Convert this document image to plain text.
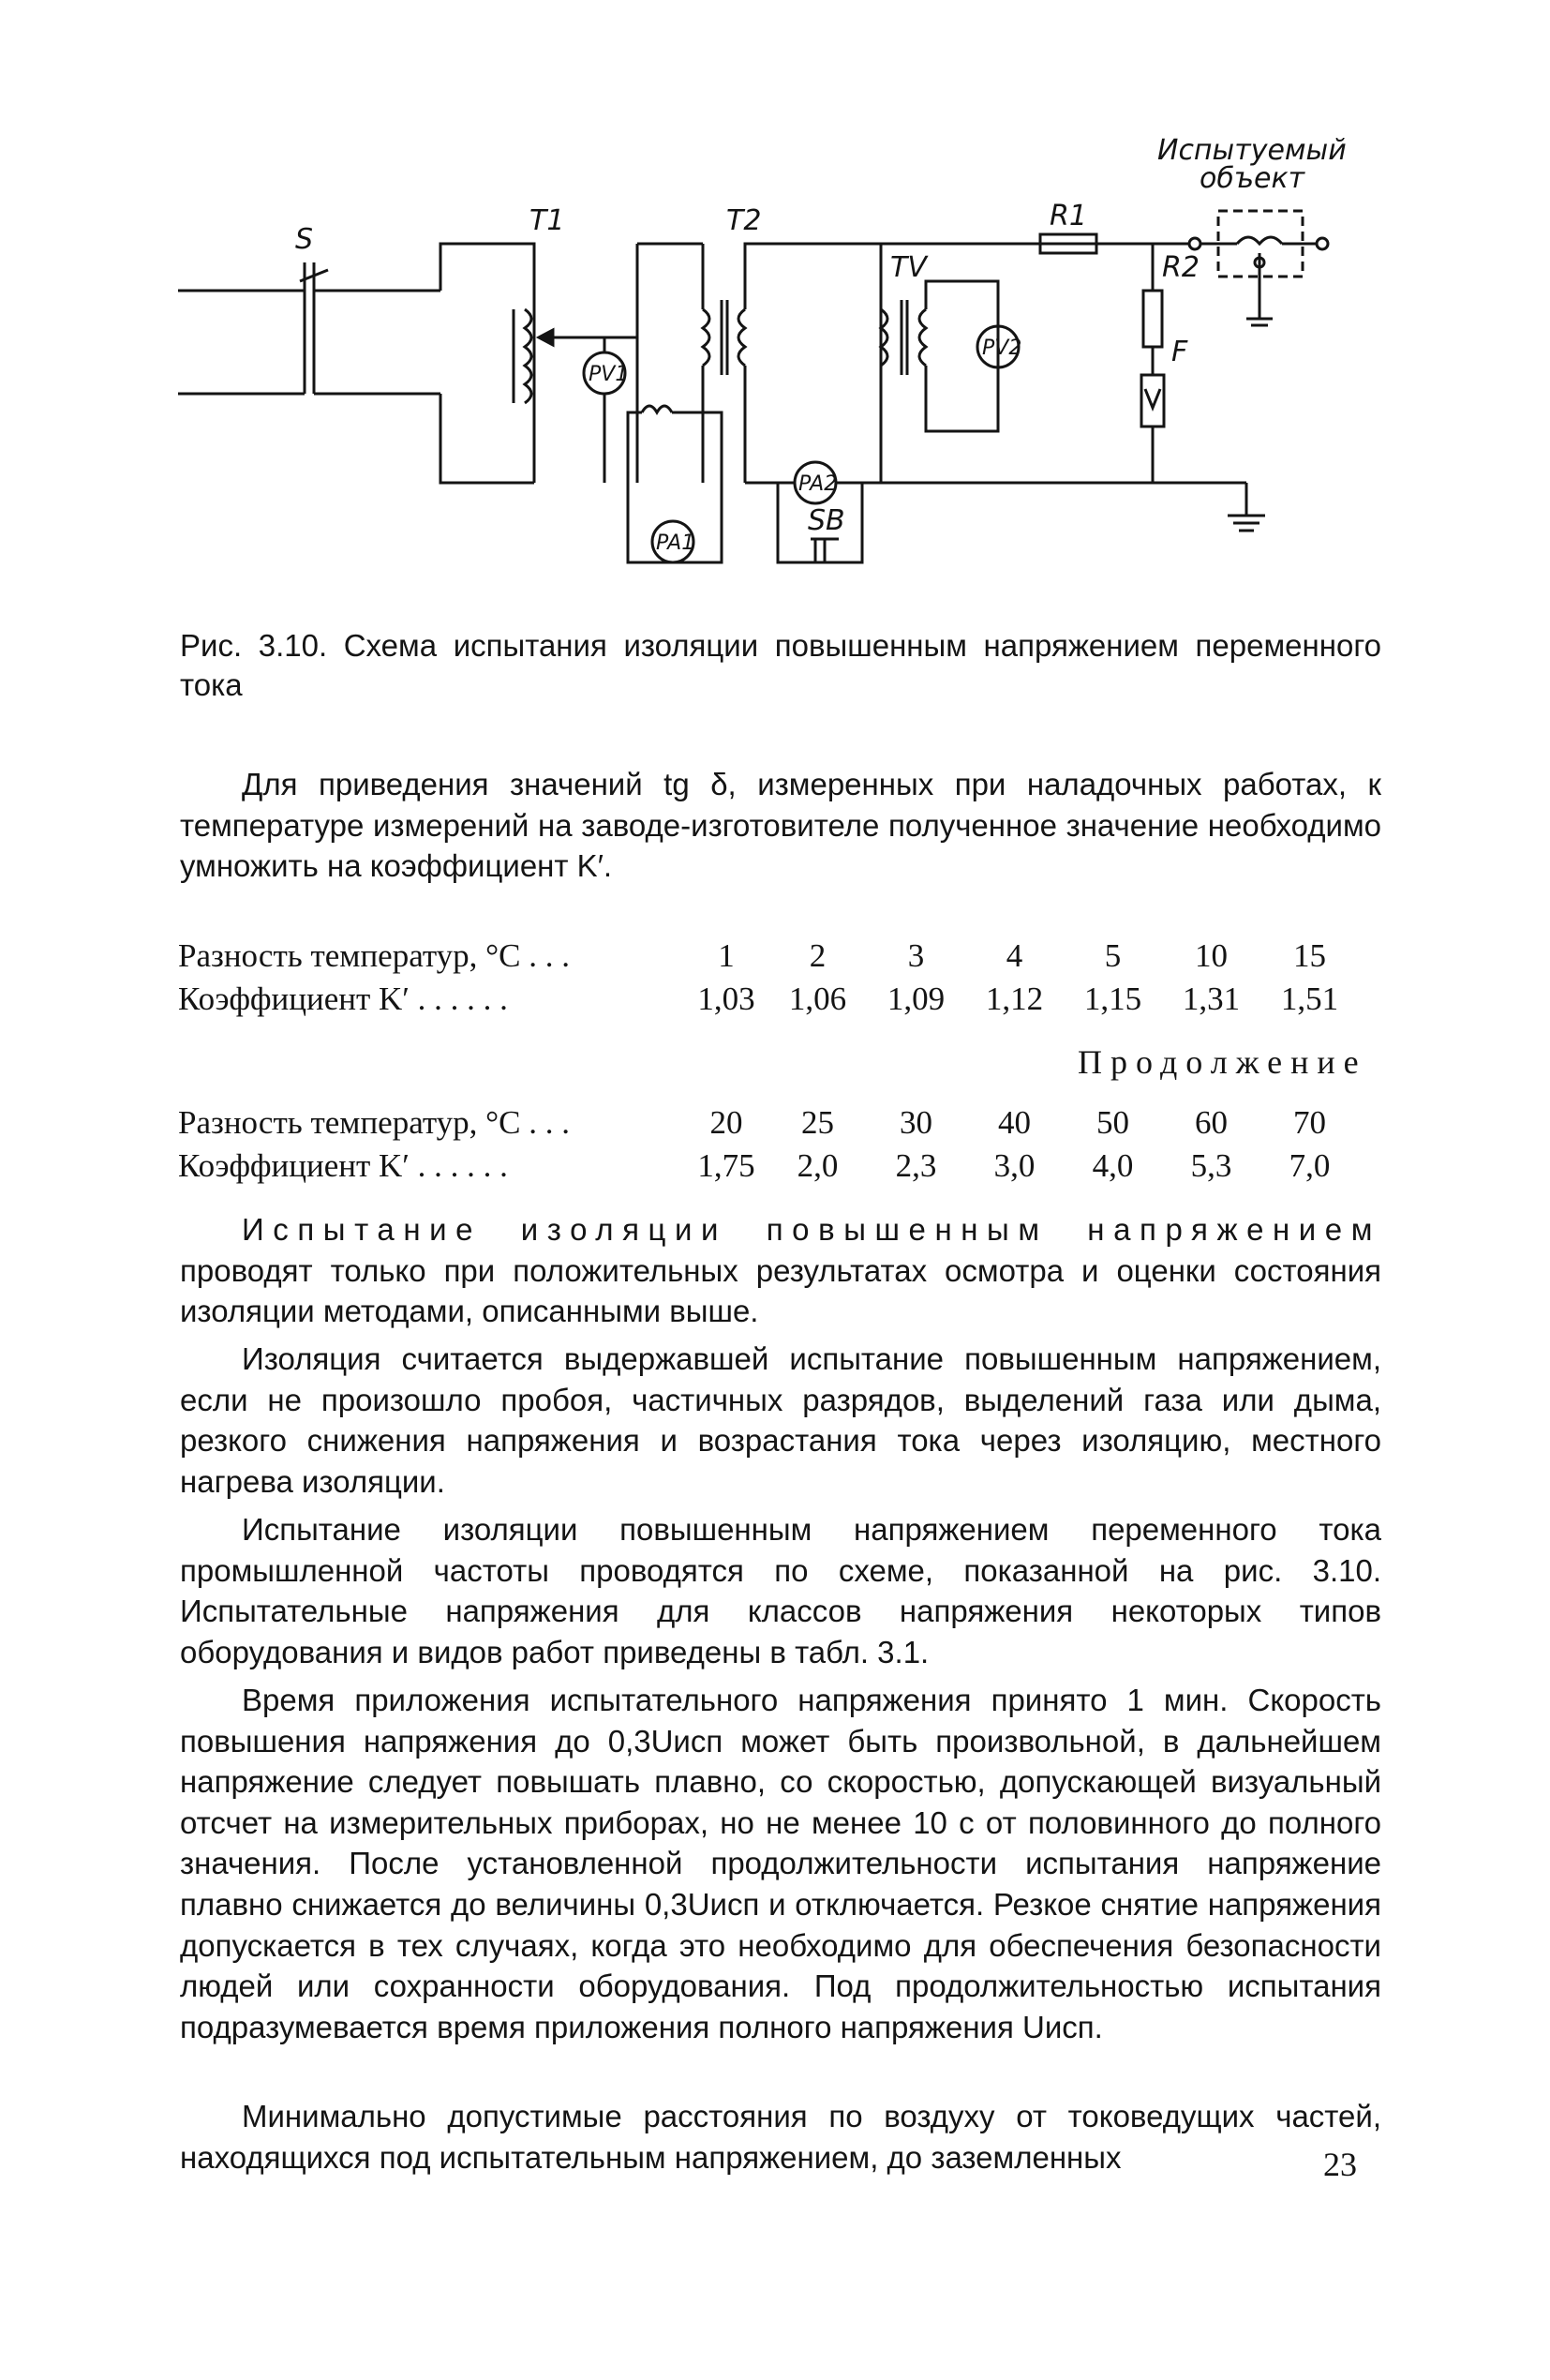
Испытуемый
объект
S
T1	T2
TV
R1
R2
F
PV1
PV2
PA1
PA2
SB
Рис. 3.10. Схема испытания изоляции повышенным напряжением переменного тока

Для приведения значений tg δ, измеренных при наладочных работах, к температуре измерений на заводе-изготовителе полученное значение необходимо умножить на коэффициент K′.

Разность температур, °С . . .	1	2	3	4	5	10	15
Коэффициент K′ . . . . . .	1,03	1,06	1,09	1,12	1,15	1,31	1,51
Продолжение
Разность температур, °С . . .	20	25	30	40	50	60	70
Коэффициент K′ . . . . . .	1,75	2,0	2,3	3,0	4,0	5,3	7,0

Испытание изоляции повышенным напряжением проводят только при положительных результатах осмотра и оценки состояния изоляции методами, описанными выше.

Изоляция считается выдержавшей испытание повышенным напряжением, если не произошло пробоя, частичных разрядов, выделений газа или дыма, резкого снижения напряжения и возрастания тока через изоляцию, местного нагрева изоляции.

Испытание изоляции повышенным напряжением переменного тока промышленной частоты проводятся по схеме, показанной на рис. 3.10. Испытательные напряжения для классов напряжения некоторых типов оборудования и видов работ приведены в табл. 3.1.

Время приложения испытательного напряжения принято 1 мин. Скорость повышения напряжения до 0,3Uисп может быть произвольной, в дальнейшем напряжение следует повышать плавно, со скоростью, допускающей визуальный отсчет на измерительных приборах, но не менее 10 с от половинного до полного значения. После установленной продолжительности испытания напряжение плавно снижается до величины 0,3Uисп и отключается. Резкое снятие напряжения допускается в тех случаях, когда это необходимо для обеспечения безопасности людей или сохранности оборудования. Под продолжительностью испытания подразумевается время приложения полного напряжения Uисп.

Минимально допустимые расстояния по воздуху от токоведущих частей, находящихся под испытательным напряжением, до заземленных	23
